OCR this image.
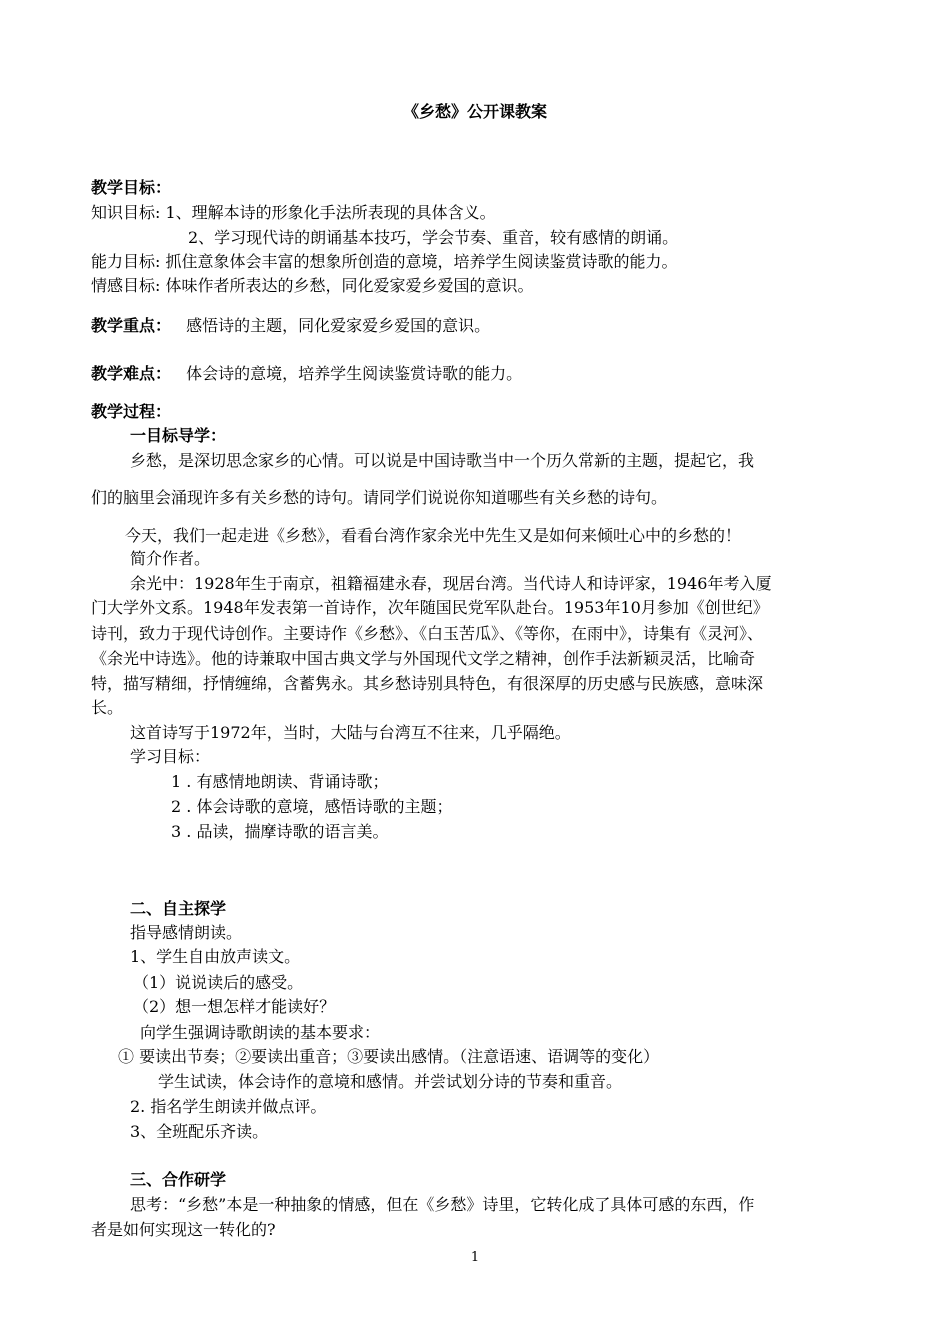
《乡愁》公开课教案
教学目标：
知识目标: 1、理解本诗的形象化手法所表现的具体含义。
2、学习现代诗的朗诵基本技巧，学会节奏、重音，较有感情的朗诵。
能力目标: 抓住意象体会丰富的想象所创造的意境，培养学生阅读鉴赏诗歌的能力。
情感目标: 体味作者所表达的乡愁，同化爱家爱乡爱国的意识。
教学重点： 感悟诗的主题，同化爱家爱乡爱国的意识。
教学难点： 体会诗的意境，培养学生阅读鉴赏诗歌的能力。
教学过程：
一目标导学：
乡愁，是深切思念家乡的心情。可以说是中国诗歌当中一个历久常新的主题，提起它，我
们的脑里会涌现许多有关乡愁的诗句。请同学们说说你知道哪些有关乡愁的诗句。
今天，我们一起走进《乡愁》，看看台湾作家余光中先生又是如何来倾吐心中的乡愁的！
简介作者。
余光中：1928年生于南京，祖籍福建永春，现居台湾。当代诗人和诗评家，1946年考入厦
门大学外文系。1948年发表第一首诗作，次年随国民党军队赴台。1953年10月参加《创世纪》
诗刊，致力于现代诗创作。主要诗作《乡愁》、《白玉苦瓜》、《等你，在雨中》，诗集有《灵河》、
《余光中诗选》。他的诗兼取中国古典文学与外国现代文学之精神，创作手法新颖灵活，比喻奇
特，描写精细，抒情缠绵，含蓄隽永。其乡愁诗别具特色，有很深厚的历史感与民族感，意味深
长。
这首诗写于1972年，当时，大陆与台湾互不往来，几乎隔绝。
学习目标：
1 . 有感情地朗读、背诵诗歌；
2 . 体会诗歌的意境，感悟诗歌的主题；
3 . 品读，揣摩诗歌的语言美。
二、自主探学
指导感情朗读。
1、学生自由放声读文。
（1）说说读后的感受。
（2）想一想怎样才能读好？
向学生强调诗歌朗读的基本要求：
① 要读出节奏；②要读出重音；③要读出感情。（注意语速、语调等的变化）
学生试读，体会诗作的意境和感情。并尝试划分诗的节奏和重音。
2. 指名学生朗读并做点评。
3、全班配乐齐读。
三、合作研学
思考：“乡愁”本是一种抽象的情感，但在《乡愁》诗里，它转化成了具体可感的东西，作
者是如何实现这一转化的?
1
